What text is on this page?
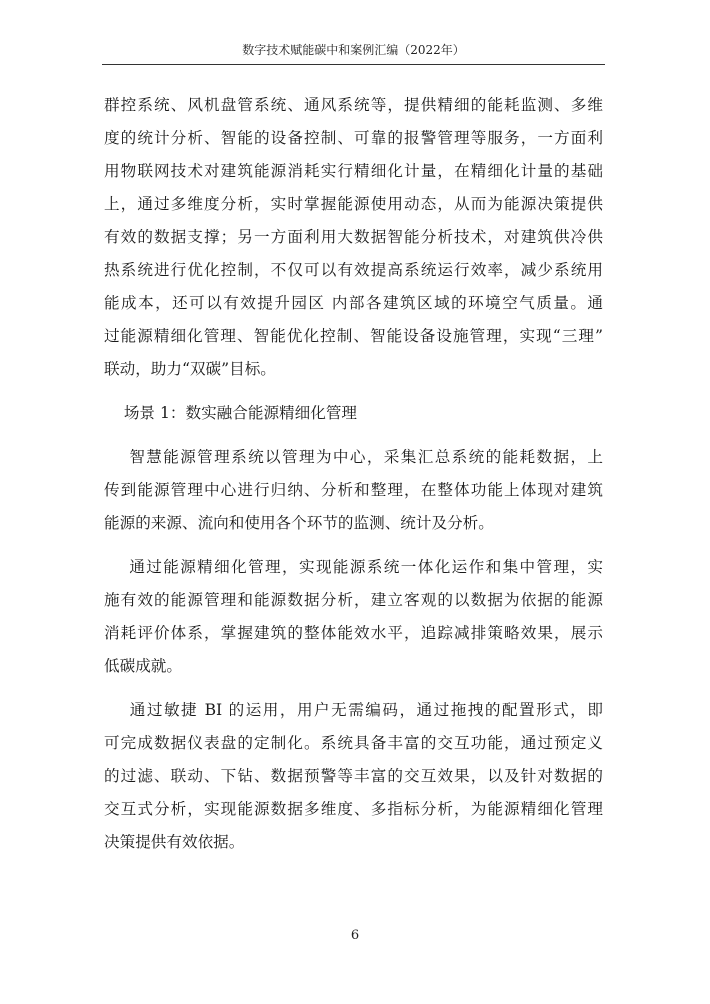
数字技术赋能碳中和案例汇编（2022年）
群控系统、风机盘管系统、通风系统等，提供精细的能耗监测、多维
度的统计分析、智能的设备控制、可靠的报警管理等服务，一方面利
用物联网技术对建筑能源消耗实行精细化计量，在精细化计量的基础
上，通过多维度分析，实时掌握能源使用动态，从而为能源决策提供
有效的数据支撑；另一方面利用大数据智能分析技术，对建筑供冷供
热系统进行优化控制，不仅可以有效提高系统运行效率，减少系统用
能成本，还可以有效提升园区 内部各建筑区域的环境空气质量。通
过能源精细化管理、智能优化控制、智能设备设施管理，实现“三理”
联动，助力“双碳”目标。
场景 1：数实融合能源精细化管理
智慧能源管理系统以管理为中心，采集汇总系统的能耗数据，上
传到能源管理中心进行归纳、分析和整理，在整体功能上体现对建筑
能源的来源、流向和使用各个环节的监测、统计及分析。
通过能源精细化管理，实现能源系统一体化运作和集中管理，实
施有效的能源管理和能源数据分析，建立客观的以数据为依据的能源
消耗评价体系，掌握建筑的整体能效水平，追踪减排策略效果，展示
低碳成就。
通过敏捷 BI 的运用，用户无需编码，通过拖拽的配置形式，即
可完成数据仪表盘的定制化。系统具备丰富的交互功能，通过预定义
的过滤、联动、下钻、数据预警等丰富的交互效果，以及针对数据的
交互式分析，实现能源数据多维度、多指标分析，为能源精细化管理
决策提供有效依据。
6
